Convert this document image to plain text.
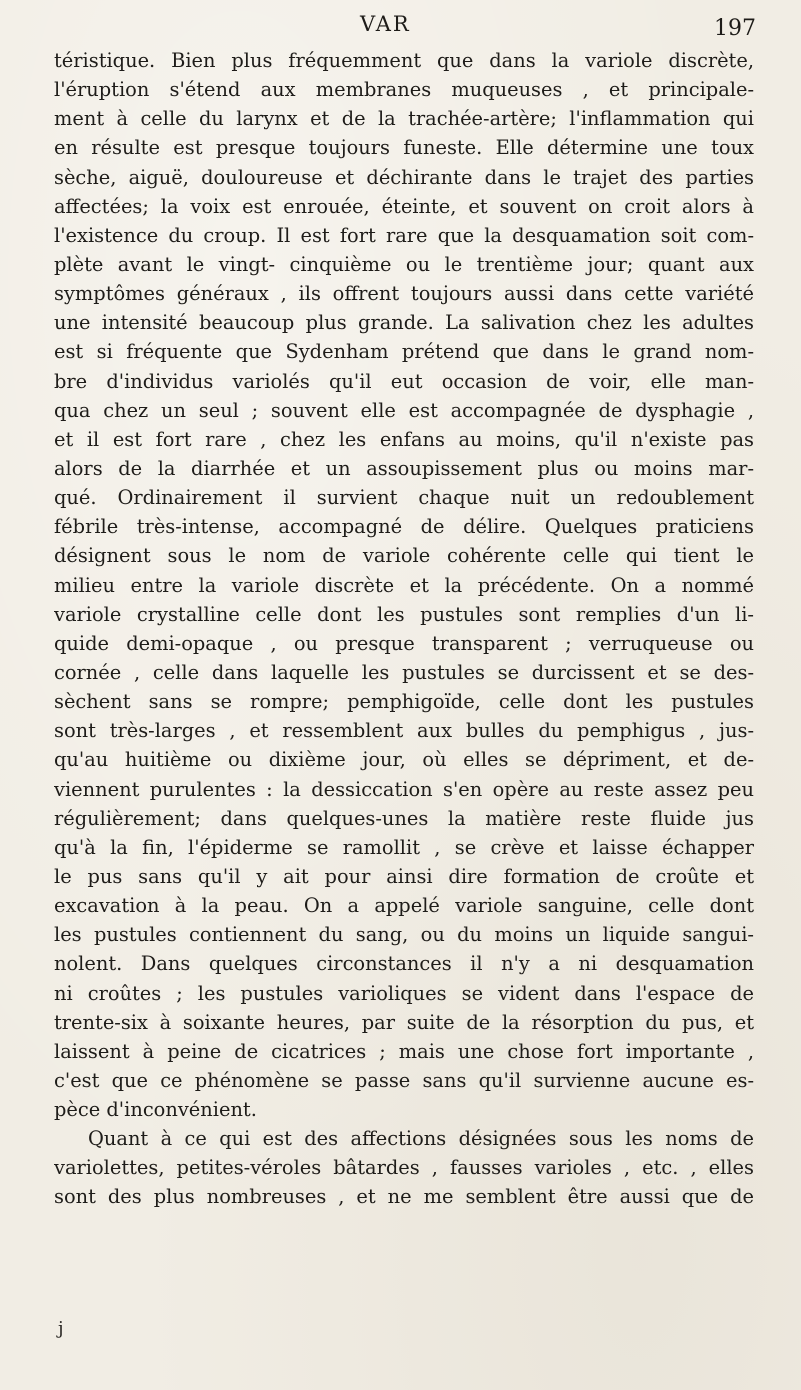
VAR	197
téristique. Bien plus fréquemment que dans la variole discrète,
l'éruption s'étend aux membranes muqueuses , et principale-
ment à celle du larynx et de la trachée-artère; l'inflammation qui
en résulte est presque toujours funeste. Elle détermine une toux
sèche, aiguë, douloureuse et déchirante dans le trajet des parties
affectées; la voix est enrouée, éteinte, et souvent on croit alors à
l'existence du croup. Il est fort rare que la desquamation soit com-
plète avant le vingt- cinquième ou le trentième jour; quant aux
symptômes généraux , ils offrent toujours aussi dans cette variété
une intensité beaucoup plus grande. La salivation chez les adultes
est si fréquente que Sydenham prétend que dans le grand nom-
bre d'individus variolés qu'il eut occasion de voir, elle man-
qua chez un seul ; souvent elle est accompagnée de dysphagie ,
et il est fort rare , chez les enfans au moins, qu'il n'existe pas
alors de la diarrhée et un assoupissement plus ou moins mar-
qué. Ordinairement il survient chaque nuit un redoublement
fébrile très-intense, accompagné de délire. Quelques praticiens
désignent sous le nom de variole cohérente celle qui tient le
milieu entre la variole discrète et la précédente. On a nommé
variole crystalline celle dont les pustules sont remplies d'un li-
quide demi-opaque , ou presque transparent ; verruqueuse ou
cornée , celle dans laquelle les pustules se durcissent et se des-
sèchent sans se rompre; pemphigoïde, celle dont les pustules
sont très-larges , et ressemblent aux bulles du pemphigus , jus-
qu'au huitième ou dixième jour, où elles se dépriment, et de-
viennent purulentes : la dessiccation s'en opère au reste assez peu
régulièrement; dans quelques-unes la matière reste fluide jus
qu'à la fin, l'épiderme se ramollit , se crève et laisse échapper
le pus sans qu'il y ait pour ainsi dire formation de croûte et
excavation à la peau. On a appelé variole sanguine, celle dont
les pustules contiennent du sang, ou du moins un liquide sangui-
nolent. Dans quelques circonstances il n'y a ni desquamation
ni croûtes ; les pustules varioliques se vident dans l'espace de
trente-six à soixante heures, par suite de la résorption du pus, et
laissent à peine de cicatrices ; mais une chose fort importante ,
c'est que ce phénomène se passe sans qu'il survienne aucune es-
pèce d'inconvénient.
Quant à ce qui est des affections désignées sous les noms de
variolettes, petites-véroles bâtardes , fausses varioles , etc. , elles
sont des plus nombreuses , et ne me semblent être aussi que de
j
